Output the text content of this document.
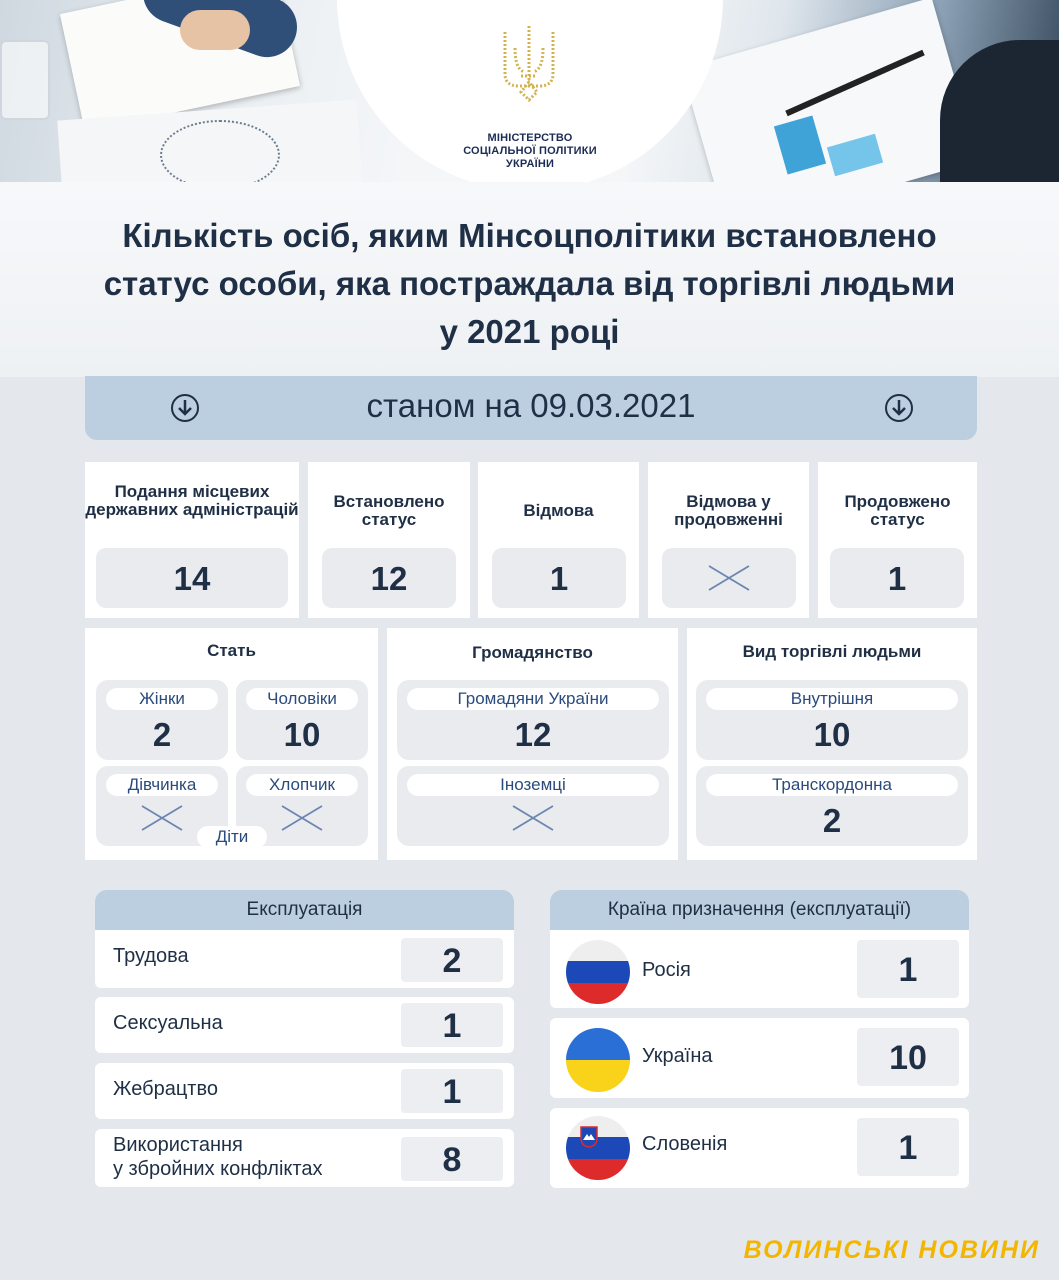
МІНІСТЕРСТВО
СОЦІАЛЬНОЇ ПОЛІТИКИ
УКРАЇНИ
Кількість осіб, яким Мінсоцполітики встановлено
статус особи, яка постраждала від торгівлі людьми
у 2021 році
станом на 09.03.2021
Подання місцевих державних адміністрацій
14
Встановлено статус
12
Відмова
1
Відмова у продовженні
Продовжено статус
1
Стать
Жінки
2
Чоловіки
10
Дівчинка	Хлопчик
Діти
Громадянство
Громадяни України
12
Іноземці
Вид торгівлі людьми
Внутрішня
10
Транскордонна
2
Експлуатація
Трудова	2
Сексуальна	1
Жебрацтво	1
Використання
у збройних конфліктах	8
Країна призначення (експлуатації)
Росія	1
Україна	10
Словенія	1
ВОЛИНСЬКІ НОВИНИ
